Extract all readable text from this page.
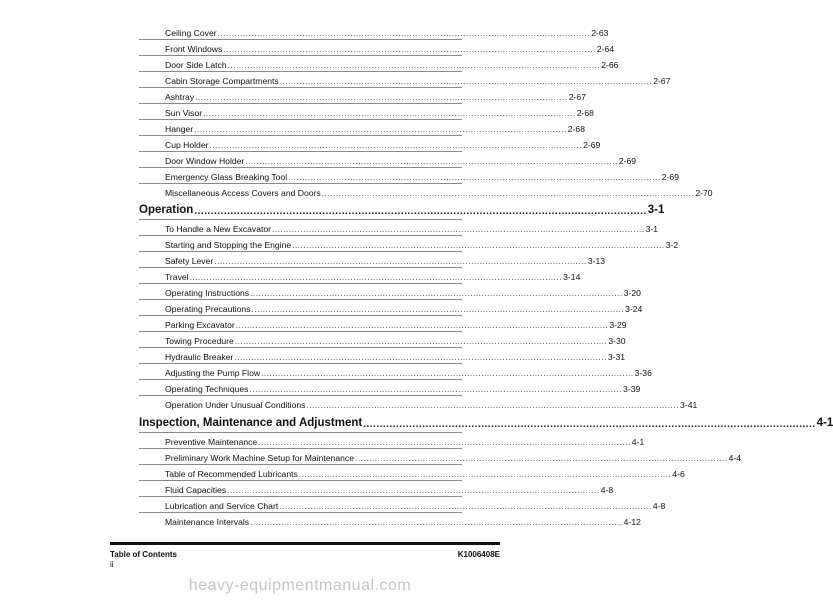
Ceiling Cover .................................................................................................................................... 2-63
Front Windows .................................................................................................................................... 2-64
Door Side Latch .................................................................................................................................... 2-66
Cabin Storage Compartments .................................................................................................................................... 2-67
Ashtray .................................................................................................................................... 2-67
Sun Visor .................................................................................................................................... 2-68
Hanger .................................................................................................................................... 2-68
Cup Holder .................................................................................................................................... 2-69
Door Window Holder .................................................................................................................................... 2-69
Emergency Glass Breaking Tool .................................................................................................................................... 2-69
Miscellaneous Access Covers and Doors .................................................................................................................................... 2-70
Operation .......................................................................................................................................... 3-1
To Handle a New Excavator .................................................................................................................................... 3-1
Starting and Stopping the Engine .................................................................................................................................... 3-2
Safety Lever .................................................................................................................................... 3-13
Travel .................................................................................................................................... 3-14
Operating Instructions .................................................................................................................................... 3-20
Operating Precautions .................................................................................................................................... 3-24
Parking Excavator .................................................................................................................................... 3-29
Towing Procedure .................................................................................................................................... 3-30
Hydraulic Breaker .................................................................................................................................... 3-31
Adjusting the Pump Flow .................................................................................................................................... 3-36
Operating Techniques .................................................................................................................................... 3-39
Operation Under Unusual Conditions .................................................................................................................................... 3-41
Inspection, Maintenance and Adjustment .......................................................................................................................................... 4-1
Preventive Maintenance .................................................................................................................................... 4-1
Preliminary Work Machine Setup for Maintenance .................................................................................................................................... 4-4
Table of Recommended Lubricants .................................................................................................................................... 4-6
Fluid Capacities .................................................................................................................................... 4-8
Lubrication and Service Chart .................................................................................................................................... 4-8
Maintenance Intervals .................................................................................................................................... 4-12
Table of Contents	K1006408E
ii
heavy-equipmentmanual.com
